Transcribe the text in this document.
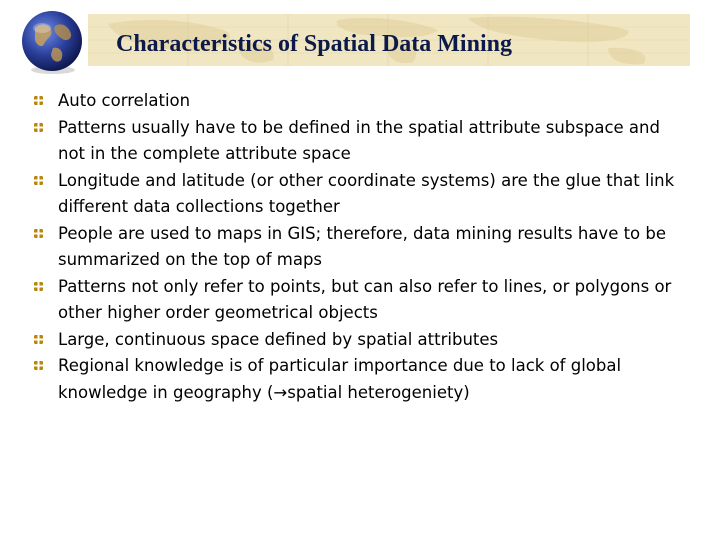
Characteristics of Spatial Data Mining
Auto correlation
Patterns usually have to be defined in the spatial attribute subspace and not in the complete attribute space
Longitude and latitude (or other coordinate systems) are the glue that link different data collections together
People are used to maps in GIS; therefore, data mining results have to be summarized on the top of maps
Patterns not only refer to points, but can also refer to lines, or polygons or other higher order geometrical objects
Large, continuous space defined by spatial attributes
Regional knowledge is of particular importance due to lack of global knowledge in geography (→spatial heterogeniety)
